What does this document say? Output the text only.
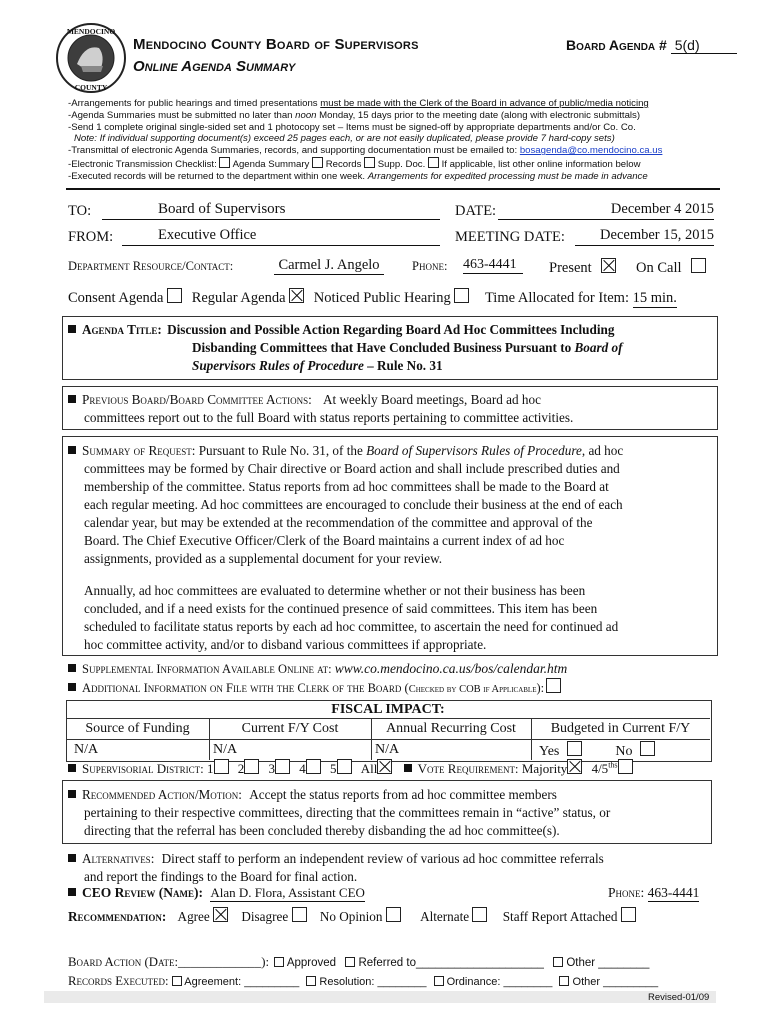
MENDOCINO
COUNTY
Mendocino County Board of Supervisors
Online Agenda Summary
Board Agenda # 5(d)
-Arrangements for public hearings and timed presentations must be made with the Clerk of the Board in advance of public/media noticing
-Agenda Summaries must be submitted no later than noon Monday, 15 days prior to the meeting date (along with electronic submittals)
-Send 1 complete original single-sided set and 1 photocopy set – Items must be signed-off by appropriate departments and/or Co. Co.
Note: If individual supporting document(s) exceed 25 pages each, or are not easily duplicated, please provide 7 hard-copy sets)
-Transmittal of electronic Agenda Summaries, records, and supporting documentation must be emailed to: bosagenda@co.mendocino.ca.us
-Electronic Transmission Checklist: Agenda Summary Records Supp. Doc. If applicable, list other online information below
-Executed records will be returned to the department within one week. Arrangements for expedited processing must be made in advance
TO:	Board of Supervisors
FROM:	Executive Office
DATE:	December 4 2015
MEETING DATE:	December 15, 2015
Department Resource/Contact:	Carmel J. Angelo	Phone: 463-4441	Present	On Call
Consent Agenda Regular Agenda Noticed Public Hearing Time Allocated for Item: 15 min.
Agenda Title: Discussion and Possible Action Regarding Board Ad Hoc Committees Including
Disbanding Committees that Have Concluded Business Pursuant to Board of
Supervisors Rules of Procedure – Rule No. 31
Previous Board/Board Committee Actions: At weekly Board meetings, Board ad hoc
committees report out to the full Board with status reports pertaining to committee activities.
Summary of Request: Pursuant to Rule No. 31, of the Board of Supervisors Rules of Procedure, ad hoc
committees may be formed by Chair directive or Board action and shall include prescribed duties and
membership of the committee. Status reports from ad hoc committees shall be made to the Board at
each regular meeting. Ad hoc committees are encouraged to conclude their business at the end of each
calendar year, but may be extended at the recommendation of the committee and approval of the
Board. The Chief Executive Officer/Clerk of the Board maintains a current index of ad hoc
assignments, provided as a supplemental document for your review.
Annually, ad hoc committees are evaluated to determine whether or not their business has been
concluded, and if a need exists for the continued presence of said committees. This item has been
scheduled to facilitate status reports by each ad hoc committee, to ascertain the need for continued ad
hoc committee activity, and/or to disband various committees if appropriate.
Supplemental Information Available Online at: www.co.mendocino.ca.us/bos/calendar.htm
Additional Information on File with the Clerk of the Board (Checked by COB if Applicable):
FISCAL IMPACT:
Source of Funding	Current F/Y Cost	Annual Recurring Cost	Budgeted in Current F/Y
N/A	N/A	N/A	Yes	No
Supervisorial District: 1 2 3 4 5 All	Vote Requirement: Majority $4/5^{ths}$
Recommended Action/Motion: Accept the status reports from ad hoc committee members
pertaining to their respective committees, directing that the committees remain in “active” status, or
directing that the referral has been concluded thereby disbanding the ad hoc committee(s).
Alternatives: Direct staff to perform an independent review of various ad hoc committee referrals
and report the findings to the Board for final action.
CEO Review (Name): Alan D. Flora, Assistant CEO	Phone: 463-4441
Recommendation: Agree Disagree No Opinion	Alternate	Staff Report Attached
Board Action (Date:_____________): Approved Referred to____________________ Other ________
Records Executed: Agreement: _________ Resolution: ________ Ordinance: ________ Other _________
Revised-01/09
